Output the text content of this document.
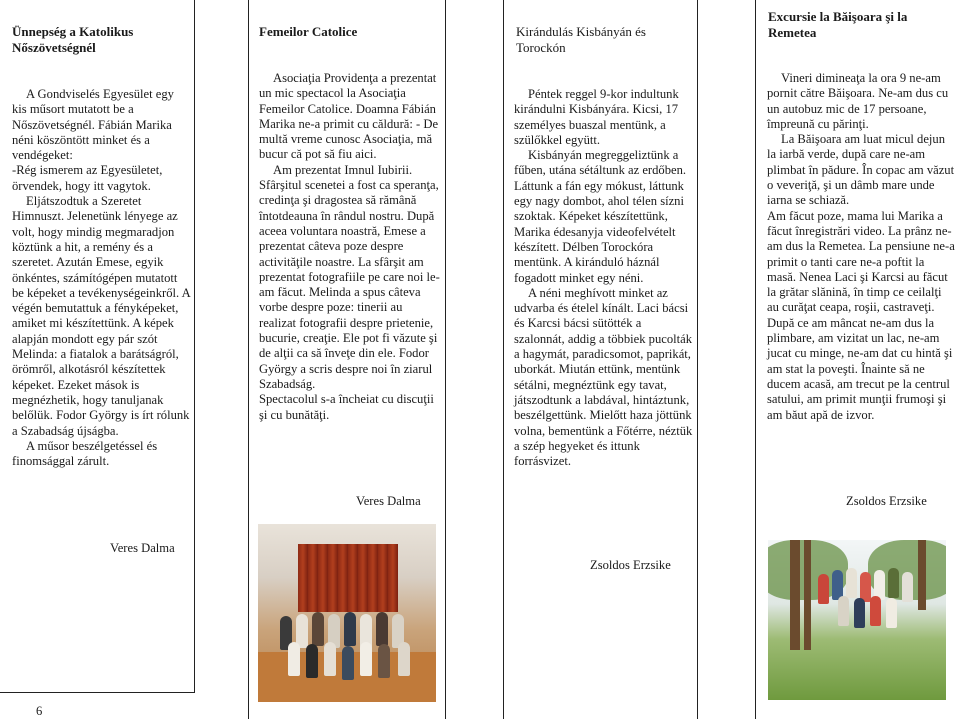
Ünnepség a Katolikus
Nőszövetségnél

A Gondviselés Egyesület egy kis műsort mutatott be a Nőszövetségnél. Fábián Marika néni köszöntött minket és a vendégeket:

-Rég ismerem az Egyesületet, örvendek, hogy itt vagytok.

Eljátszodtuk a Szeretet Himnuszt. Jelenetünk lényege az volt, hogy mindig megmaradjon köztünk a hit, a remény és a szeretet. Azután Emese, egyik önkéntes, számítógépen mutatott be képeket a tevékenységeinkről. A végén bemutattuk a fényképeket, amiket mi készítettünk. A képek alapján mondott egy pár szót Melinda: a fiatalok a barátságról, örömről, alkotásról készítettek képeket. Ezeket mások is megnézhetik, hogy tanuljanak belőlük. Fodor György is írt rólunk a Szabadság újságba.

A műsor beszélgetéssel és finomsággal zárult.

Veres Dalma
6
Femeilor Catolice

Asociaţia Providenţa a prezentat un mic spectacol la Asociaţia Femeilor Catolice. Doamna Fábián Marika ne-a primit cu căldură: - De multă vreme cunosc Asociaţia, mă bucur că pot să fiu aici.

Am prezentat Imnul Iubirii. Sfârşitul scenetei a fost ca speranţa, credinţa şi dragostea să rămână întotdeauna în rândul nostru. După aceea voluntara noastră, Emese a prezentat câteva poze despre activităţile noastre. La sfârşit am prezentat fotografiile pe care noi le-am făcut. Melinda a spus câteva vorbe despre poze: tinerii au realizat fotografii despre prietenie, bucurie, creaţie. Ele pot fi văzute şi de alţii ca să înveţe din ele. Fodor György a scris despre noi în ziarul Szabadság.

Spectacolul s-a încheiat cu discuţii şi cu bunătăţi.

Veres Dalma
Kirándulás Kisbányán és
Torockón

Péntek reggel 9-kor indultunk kirándulni Kisbányára. Kicsi, 17 személyes buaszal mentünk, a szülőkkel együtt.

Kisbányán megreggeliztünk a fűben, utána sétáltunk az erdőben. Láttunk a fán egy mókust, láttunk egy nagy dombot, ahol télen sízni szoktak. Képeket készítettünk, Marika édesanyja videofelvételt készített. Délben Torockóra mentünk. A kiránduló háznál fogadott minket egy néni.

A néni meghívott minket az udvarba és ételel kínált. Laci bácsi és Karcsi bácsi sütötték a szalonnát, addig a többiek pucolták a hagymát, paradicsomot, paprikát, uborkát. Miután ettünk, mentünk sétálni, megnéztünk egy tavat, játszodtunk a labdával, hintáztunk, beszélgettünk. Mielőtt haza jöttünk volna, bementünk a Főtérre, néztük a szép hegyeket és ittunk forrásvizet.

Zsoldos Erzsike
Excursie la Băişoara şi la
Remetea

Vineri dimineaţa la ora 9 ne-am pornit către Băişoara. Ne-am dus cu un autobuz mic de 17 persoane, împreună cu părinţi.

La Băişoara am luat micul dejun la iarbă verde, după care ne-am plimbat în pădure. În copac am văzut o veveriţă, şi un dâmb mare unde iarna se schiază.

Am făcut poze, mama lui Marika a făcut înregistrări video. La prânz ne-am dus la Remetea. La pensiune ne-a primit o tanti care ne-a poftit la masă. Nenea Laci şi Karcsi au făcut la grătar slănină, în timp ce ceilalţi au curăţat ceapa, roşii, castraveţi. După ce am mâncat ne-am dus la plimbare, am vizitat un lac, ne-am jucat cu minge, ne-am dat cu hintă şi am stat la poveşti. Înainte să ne ducem acasă, am trecut pe la centrul satului, am primit munţii frumoşi şi am băut apă de izvor.

Zsoldos Erzsike
